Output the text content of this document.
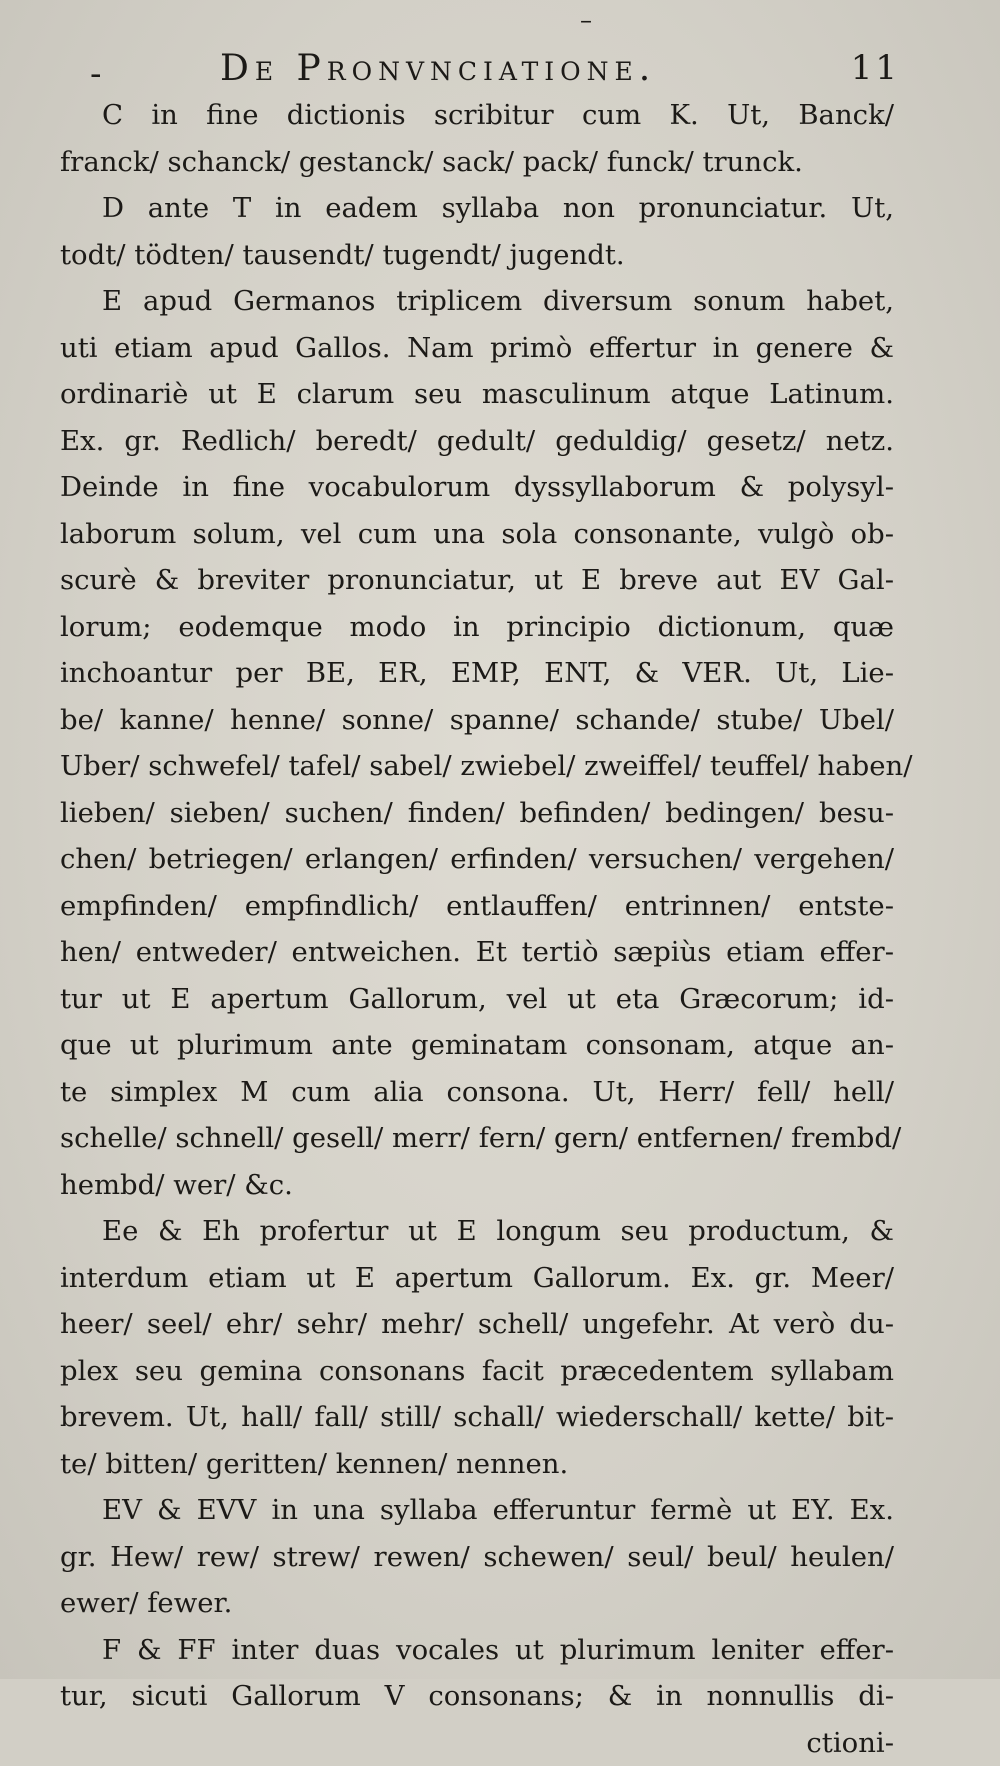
–
-	De Pronvnciatione.	11
C in fine dictionis scribitur cum K. Ut, Banck/
franck/ schanck/ gestanck/ sack/ pack/ funck/ trunck.
D ante T in eadem syllaba non pronunciatur. Ut,
todt/ tödten/ tausendt/ tugendt/ jugendt.
E apud Germanos triplicem diversum sonum habet,
uti etiam apud Gallos. Nam primò effertur in genere &
ordinariè ut E clarum seu masculinum atque Latinum.
Ex. gr. Redlich/ beredt/ gedult/ geduldig/ gesetz/ netz.
Deinde in fine vocabulorum dyssyllaborum & polysyl-
laborum solum, vel cum una sola consonante, vulgò ob-
scurè & breviter pronunciatur, ut E breve aut EV Gal-
lorum; eodemque modo in principio dictionum, quæ
inchoantur per BE, ER, EMP, ENT, & VER. Ut, Lie-
be/ kanne/ henne/ sonne/ spanne/ schande/ stube/ Ubel/
Uber/ schwefel/ tafel/ sabel/ zwiebel/ zweiffel/ teuffel/ haben/
lieben/ sieben/ suchen/ finden/ befinden/ bedingen/ besu-
chen/ betriegen/ erlangen/ erfinden/ versuchen/ vergehen/
empfinden/ empfindlich/ entlauffen/ entrinnen/ entste-
hen/ entweder/ entweichen. Et tertiò sæpiùs etiam effer-
tur ut E apertum Gallorum, vel ut eta Græcorum; id-
que ut plurimum ante geminatam consonam, atque an-
te simplex M cum alia consona. Ut, Herr/ fell/ hell/
schelle/ schnell/ gesell/ merr/ fern/ gern/ entfernen/ frembd/
hembd/ wer/ &c.
Ee & Eh profertur ut E longum seu productum, &
interdum etiam ut E apertum Gallorum. Ex. gr. Meer/
heer/ seel/ ehr/ sehr/ mehr/ schell/ ungefehr. At verò du-
plex seu gemina consonans facit præcedentem syllabam
brevem. Ut, hall/ fall/ still/ schall/ wiederschall/ kette/ bit-
te/ bitten/ geritten/ kennen/ nennen.
EV & EVV in una syllaba efferuntur fermè ut EY. Ex.
gr. Hew/ rew/ strew/ rewen/ schewen/ seul/ beul/ heulen/
ewer/ fewer.
F & FF inter duas vocales ut plurimum leniter effer-
tur, sicuti Gallorum V consonans; & in nonnullis di-
ctioni-
